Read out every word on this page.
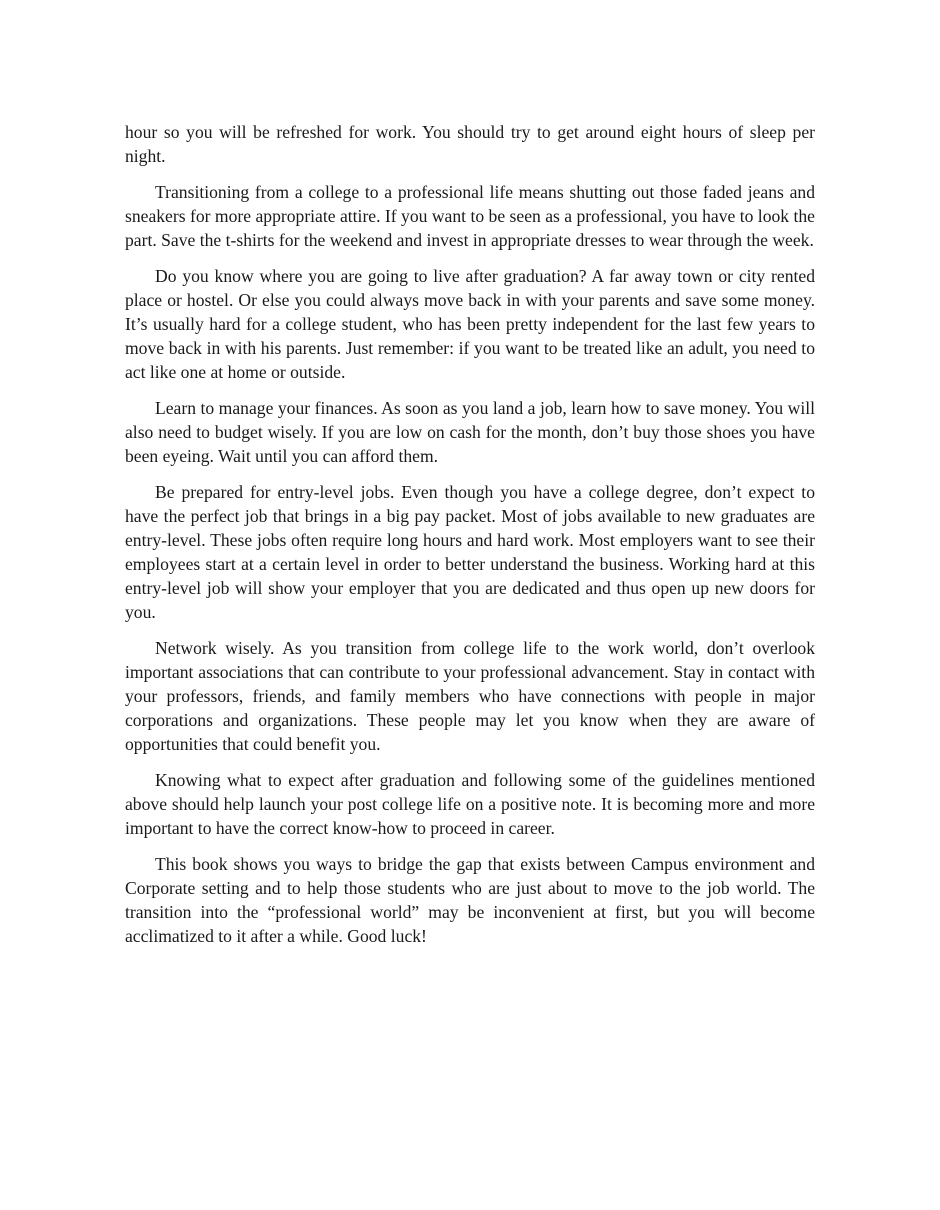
hour so you will be refreshed for work. You should try to get around eight hours of sleep per night.

Transitioning from a college to a professional life means shutting out those faded jeans and sneakers for more appropriate attire. If you want to be seen as a professional, you have to look the part. Save the t-shirts for the weekend and invest in appropriate dresses to wear through the week.

Do you know where you are going to live after graduation? A far away town or city rented place or hostel. Or else you could always move back in with your parents and save some money. It’s usually hard for a college student, who has been pretty independent for the last few years to move back in with his parents. Just remember: if you want to be treated like an adult, you need to act like one at home or outside.

Learn to manage your finances. As soon as you land a job, learn how to save money. You will also need to budget wisely. If you are low on cash for the month, don’t buy those shoes you have been eyeing. Wait until you can afford them.

Be prepared for entry-level jobs. Even though you have a college degree, don’t expect to have the perfect job that brings in a big pay packet. Most of jobs available to new graduates are entry-level. These jobs often require long hours and hard work. Most employers want to see their employees start at a certain level in order to better understand the business. Working hard at this entry-level job will show your employer that you are dedicated and thus open up new doors for you.

Network wisely. As you transition from college life to the work world, don’t overlook important associations that can contribute to your professional advancement. Stay in contact with your professors, friends, and family members who have connections with people in major corporations and organizations. These people may let you know when they are aware of opportunities that could benefit you.

Knowing what to expect after graduation and following some of the guidelines mentioned above should help launch your post college life on a positive note. It is becoming more and more important to have the correct know-how to proceed in career.

This book shows you ways to bridge the gap that exists between Campus environment and Corporate setting and to help those students who are just about to move to the job world. The transition into the “professional world” may be inconvenient at first, but you will become acclimatized to it after a while. Good luck!
